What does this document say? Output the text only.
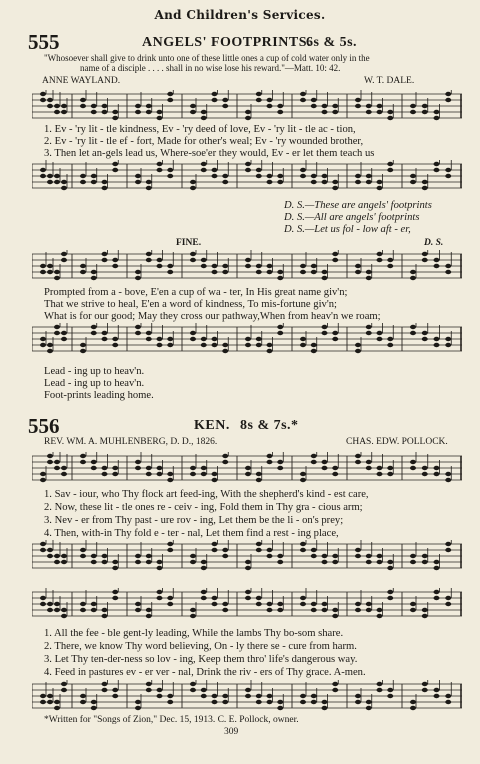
And Children's Services.
555	ANGELS' FOOTPRINTS.
6s & 5s.
"Whosoever shall give to drink unto one of these little ones a cup of cold water only in the
name of a disciple . . . . shall in no wise lose his reward."—Matt. 10: 42.
ANNE WAYLAND.	W. T. DALE.
1. Ev - 'ry lit - tle kindness, Ev - 'ry deed of love, Ev - 'ry lit - tle ac - tion,
2. Ev - 'ry lit - tle ef - fort, Made for other's weal; Ev - 'ry wounded brother,
3. Then let an-gels lead us, Where-soe'er they would, Ev - er let them teach us
D. S.—These are angels' footprints
D. S.—All are angels' footprints
D. S.—Let us fol - low aft - er,
FINE.	D. S.
Prompted from a - bove, E'en a cup of wa - ter, In His great name giv'n;
That we strive to heal, E'en a word of kindness, To mis-fortune giv'n;
What is for our good; May they cross our pathway,When from heav'n we roam;
Lead - ing up to heav'n.
Lead - ing up to heav'n.
Foot-prints leading home.
556	KEN. 8s & 7s.*
REV. WM. A. MUHLENBERG, D. D., 1826.	CHAS. EDW. POLLOCK.
1. Sav - iour, who Thy flock art feed-ing, With the shepherd's kind - est care,
2. Now, these lit - tle ones re - ceiv - ing, Fold them in Thy gra - cious arm;
3. Nev - er from Thy past - ure rov - ing, Let them be the li - on's prey;
4. Then, with-in Thy fold e - ter - nal, Let them find a rest - ing place,
1. All the fee - ble gent-ly leading, While the lambs Thy bo-som share.
2. There, we know Thy word believing, On - ly there se - cure from harm.
3. Let Thy ten-der-ness so lov - ing, Keep them thro' life's dangerous way.
4. Feed in pastures ev - er ver - nal, Drink the riv - ers of Thy grace. A-men.
*Written for "Songs of Zion," Dec. 15, 1913. C. E. Pollock, owner.
309
